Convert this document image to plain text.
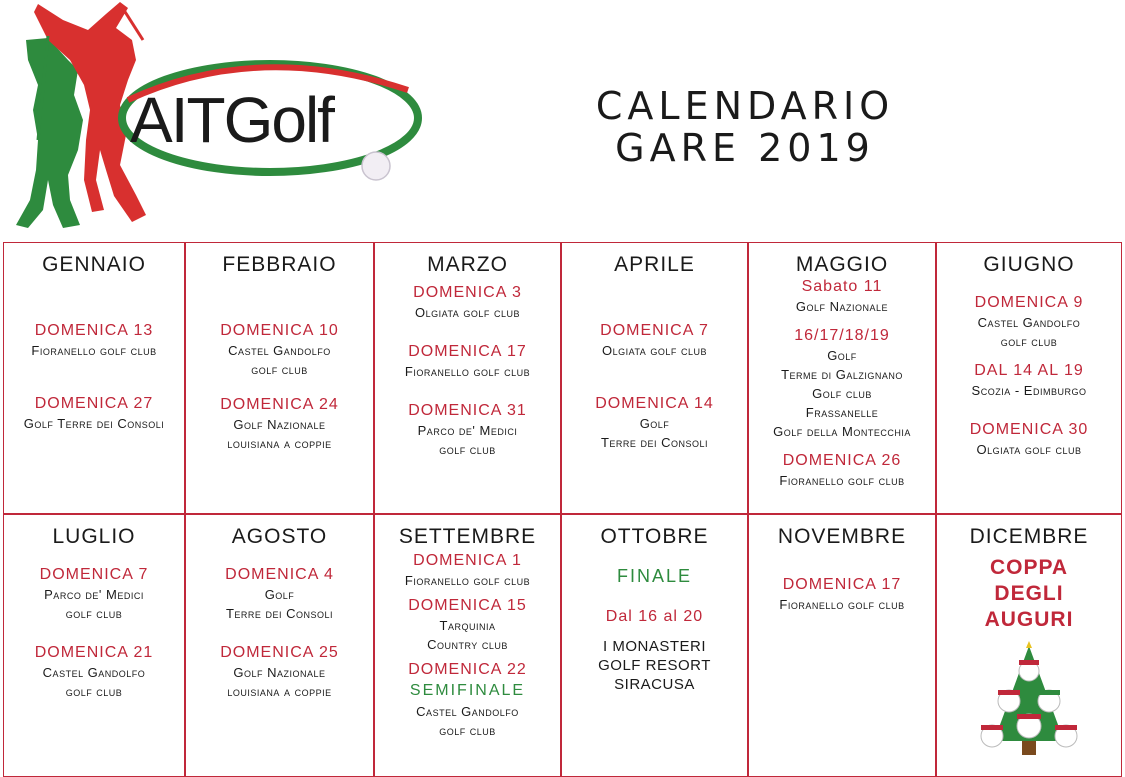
AITGolf	CALENDARIO
GARE 2019
GENNAIO
DOMENICA 13
Fioranello golf club
DOMENICA 27
Golf Terre dei Consoli
FEBBRAIO
DOMENICA 10
Castel Gandolfo
golf club
DOMENICA 24
Golf Nazionale
louisiana a coppie
MARZO
DOMENICA 3
Olgiata golf club
DOMENICA 17
Fioranello golf club
DOMENICA 31
Parco de' Medici
golf club
APRILE
DOMENICA 7
Olgiata golf club
DOMENICA 14
Golf
Terre dei Consoli
MAGGIO
Sabato 11
Golf Nazionale
16/17/18/19
Golf
Terme di Galzignano
Golf club
Frassanelle
Golf della Montecchia
DOMENICA 26
Fioranello golf club
GIUGNO
DOMENICA 9
Castel Gandolfo
golf club
DAL 14 AL 19
Scozia - Edimburgo
DOMENICA 30
Olgiata golf club
LUGLIO
DOMENICA 7
Parco de' Medici
golf club
DOMENICA 21
Castel Gandolfo
golf club
AGOSTO
DOMENICA 4
Golf
Terre dei Consoli
DOMENICA 25
Golf Nazionale
louisiana a coppie
SETTEMBRE
DOMENICA 1
Fioranello golf club
DOMENICA 15
Tarquinia
Country club
DOMENICA 22
SEMIFINALE
Castel Gandolfo
golf club
OTTOBRE
FINALE
Dal 16 al 20
I MONASTERI
GOLF RESORT
SIRACUSA
NOVEMBRE
DOMENICA 17
Fioranello golf club
DICEMBRE
COPPA
DEGLI
AUGURI
